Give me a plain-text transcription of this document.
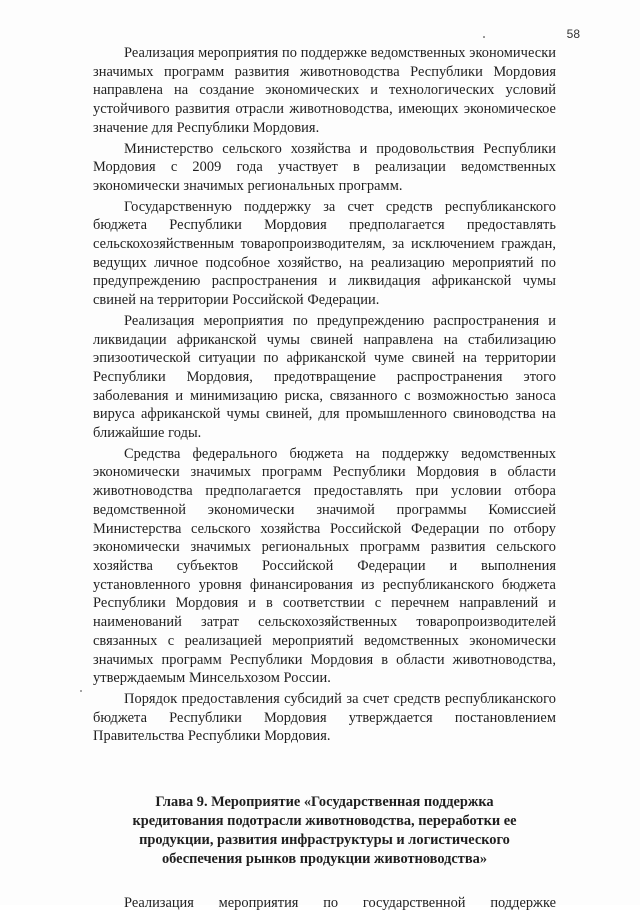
58

Реализация мероприятия по поддержке ведомственных экономически значимых программ развития животноводства Республики Мордовия направлена на создание экономических и технологических условий устойчивого развития отрасли животноводства, имеющих экономическое значение для Республики Мордовия.

Министерство сельского хозяйства и продовольствия Республики Мордовия с 2009 года участвует в реализации ведомственных экономически значимых региональных программ.

Государственную поддержку за счет средств республиканского бюджета Республики Мордовия предполагается предоставлять сельскохозяйственным товаропроизводителям, за исключением граждан, ведущих личное подсобное хозяйство, на реализацию мероприятий по предупреждению распространения и ликвидация африканской чумы свиней на территории Российской Федерации.

Реализация мероприятия по предупреждению распространения и ликвидации африканской чумы свиней направлена на стабилизацию эпизоотической ситуации по африканской чуме свиней на территории Республики Мордовия, предотвращение распространения этого заболевания и минимизацию риска, связанного с возможностью заноса вируса африканской чумы свиней, для промышленного свиноводства на ближайшие годы.

Средства федерального бюджета на поддержку ведомственных экономически значимых программ Республики Мордовия в области животноводства предполагается предоставлять при условии отбора ведомственной экономически значимой программы Комиссией Министерства сельского хозяйства Российской Федерации по отбору экономически значимых региональных программ развития сельского хозяйства субъектов Российской Федерации и выполнения установленного уровня финансирования из республиканского бюджета Республики Мордовия и в соответствии с перечнем направлений и наименований затрат сельскохозяйственных товаропроизводителей связанных с реализацией мероприятий ведомственных экономически значимых программ Республики Мордовия в области животноводства, утверждаемым Минсельхозом России.

Порядок предоставления субсидий за счет средств республиканского бюджета Республики Мордовия утверждается постановлением Правительства Республики Мордовия.

Глава 9. Мероприятие «Государственная поддержка кредитования подотрасли животноводства, переработки ее продукции, развития инфраструктуры и логистического обеспечения рынков продукции животноводства»

Реализация мероприятия по государственной поддержке
